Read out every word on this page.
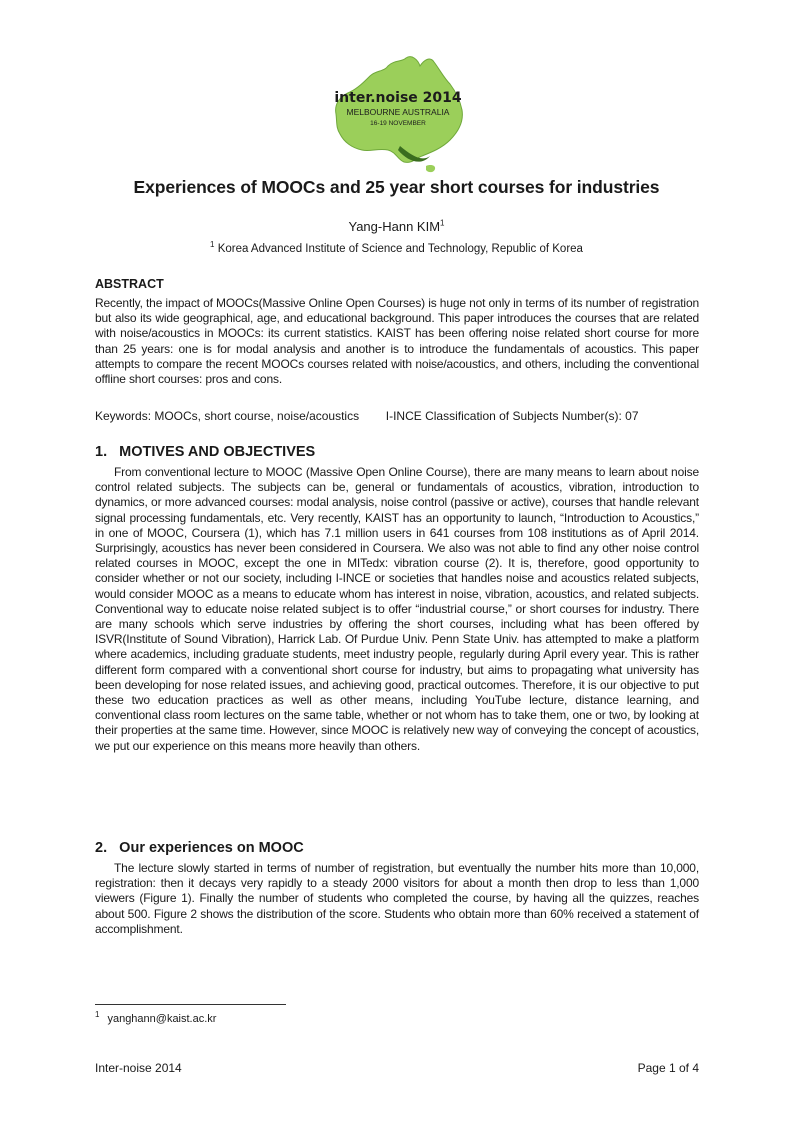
inter.noise 2014
MELBOURNE AUSTRALIA
16-19 NOVEMBER
Experiences of MOOCs and 25 year short courses for industries
Yang-Hann KIM$^1$
$^1$ Korea Advanced Institute of Science and Technology, Republic of Korea
ABSTRACT
Recently, the impact of MOOCs(Massive Online Open Courses) is huge not only in terms of its number of registration but also its wide geographical, age, and educational background. This paper introduces the courses that are related with noise/acoustics in MOOCs: its current statistics. KAIST has been offering noise related short course for more than 25 years: one is for modal analysis and another is to introduce the fundamentals of acoustics. This paper attempts to compare the recent MOOCs courses related with noise/acoustics, and others, including the conventional offline short courses: pros and cons.
Keywords: MOOCs, short course, noise/acoustics I-INCE Classification of Subjects Number(s): 07
1.   MOTIVES AND OBJECTIVES
From conventional lecture to MOOC (Massive Open Online Course), there are many means to learn about noise control related subjects. The subjects can be, general or fundamentals of acoustics, vibration, introduction to dynamics, or more advanced courses: modal analysis, noise control (passive or active), courses that handle relevant signal processing fundamentals, etc. Very recently, KAIST has an opportunity to launch, “Introduction to Acoustics,” in one of MOOC, Coursera (1), which has 7.1 million users in 641 courses from 108 institutions as of April 2014. Surprisingly, acoustics has never been considered in Coursera. We also was not able to find any other noise control related courses in MOOC, except the one in MITedx: vibration course (2). It is, therefore, good opportunity to consider whether or not our society, including I-INCE or societies that handles noise and acoustics related subjects, would consider MOOC as a means to educate whom has interest in noise, vibration, acoustics, and related subjects. Conventional way to educate noise related subject is to offer “industrial course,” or short courses for industry. There are many schools which serve industries by offering the short courses, including what has been offered by ISVR(Institute of Sound Vibration), Harrick Lab. Of Purdue Univ. Penn State Univ. has attempted to make a platform where academics, including graduate students, meet industry people, regularly during April every year. This is rather different form compared with a conventional short course for industry, but aims to propagating what university has been developing for nose related issues, and achieving good, practical outcomes. Therefore, it is our objective to put these two education practices as well as other means, including YouTube lecture, distance learning, and conventional class room lectures on the same table, whether or not whom has to take them, one or two, by looking at their properties at the same time. However, since MOOC is relatively new way of conveying the concept of acoustics, we put our experience on this means more heavily than others.
2.   Our experiences on MOOC
The lecture slowly started in terms of number of registration, but eventually the number hits more than 10,000, registration: then it decays very rapidly to a steady 2000 visitors for about a month then drop to less than 1,000 viewers (Figure 1). Finally the number of students who completed the course, by having all the quizzes, reaches about 500. Figure 2 shows the distribution of the score. Students who obtain more than 60% received a statement of accomplishment.
$^1$ yanghann@kaist.ac.kr
Inter-noise 2014	Page 1 of 4
